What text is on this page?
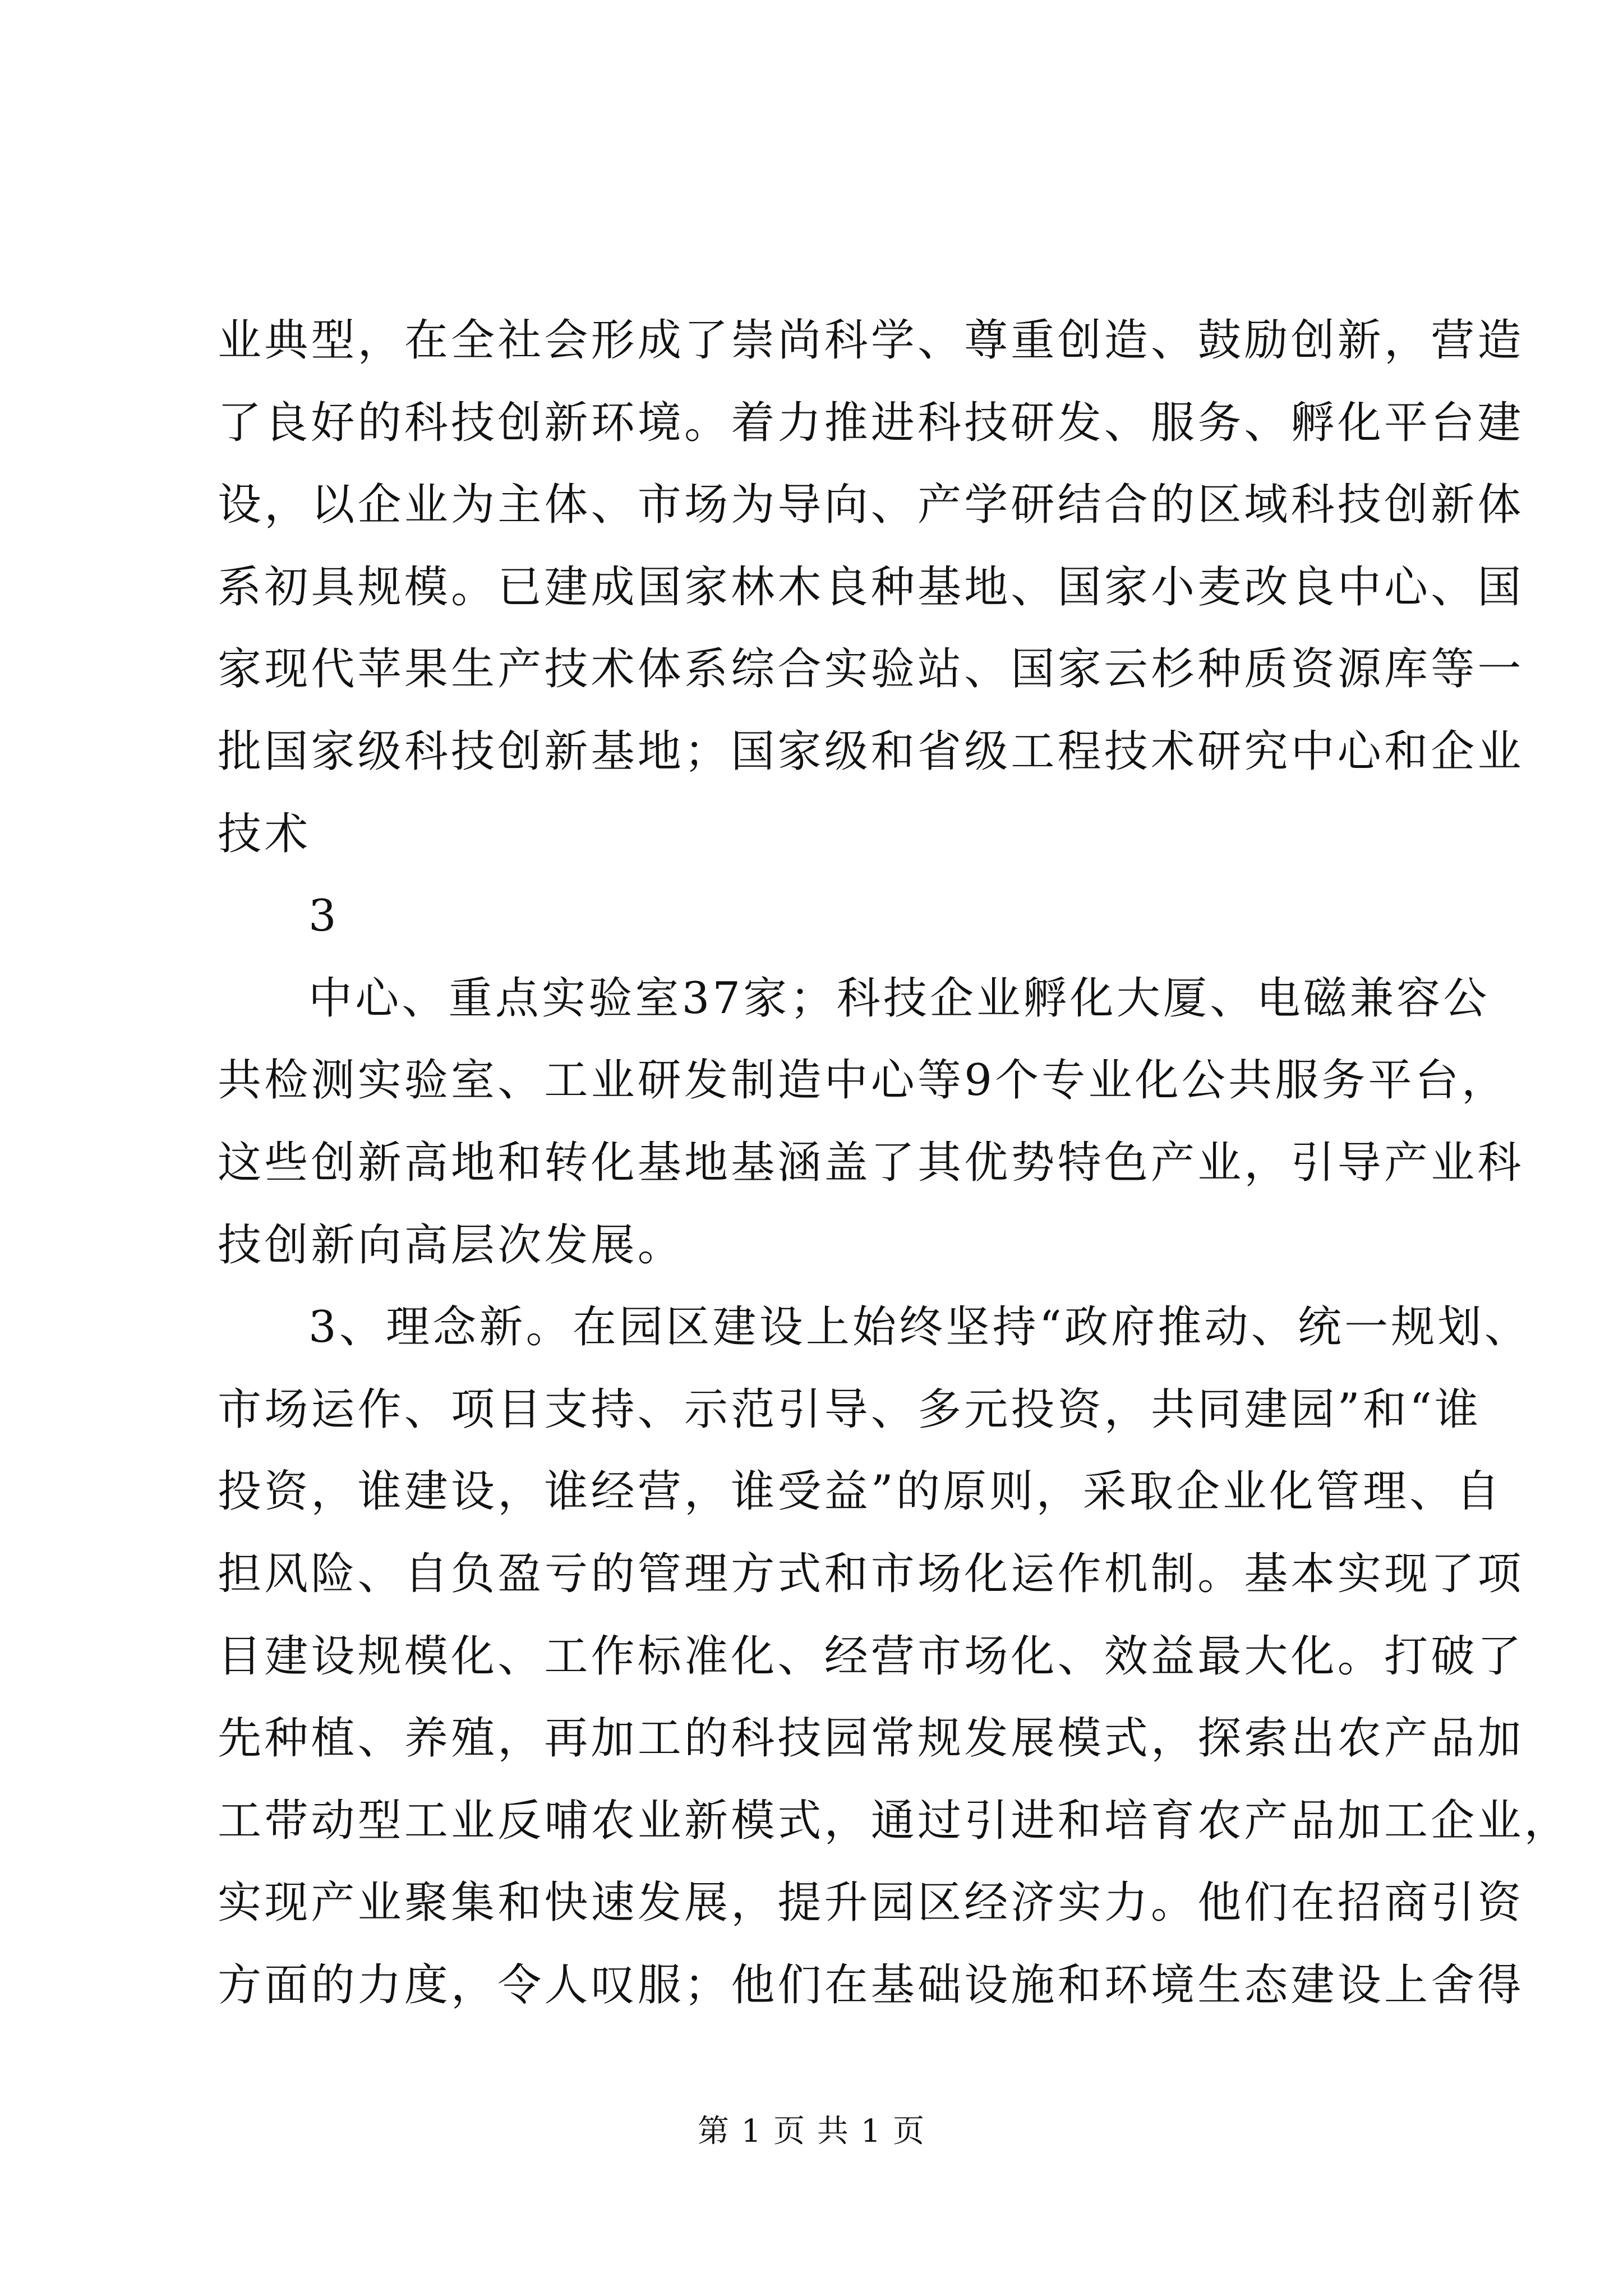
业典型，在全社会形成了崇尚科学、尊重创造、鼓励创新，营造
了良好的科技创新环境。着力推进科技研发、服务、孵化平台建
设，以企业为主体、市场为导向、产学研结合的区域科技创新体
系初具规模。已建成国家林木良种基地、国家小麦改良中心、国
家现代苹果生产技术体系综合实验站、国家云杉种质资源库等一
批国家级科技创新基地；国家级和省级工程技术研究中心和企业
技术
3
中心、重点实验室37家；科技企业孵化大厦、电磁兼容公
共检测实验室、工业研发制造中心等9个专业化公共服务平台，
这些创新高地和转化基地基涵盖了其优势特色产业，引导产业科
技创新向高层次发展。
3、理念新。在园区建设上始终坚持“政府推动、统一规划、
市场运作、项目支持、示范引导、多元投资，共同建园”和“谁
投资，谁建设，谁经营，谁受益”的原则，采取企业化管理、自
担风险、自负盈亏的管理方式和市场化运作机制。基本实现了项
目建设规模化、工作标准化、经营市场化、效益最大化。打破了
先种植、养殖，再加工的科技园常规发展模式，探索出农产品加
工带动型工业反哺农业新模式，通过引进和培育农产品加工企业，
实现产业聚集和快速发展，提升园区经济实力。他们在招商引资
方面的力度，令人叹服；他们在基础设施和环境生态建设上舍得
第 1 页 共 1 页
